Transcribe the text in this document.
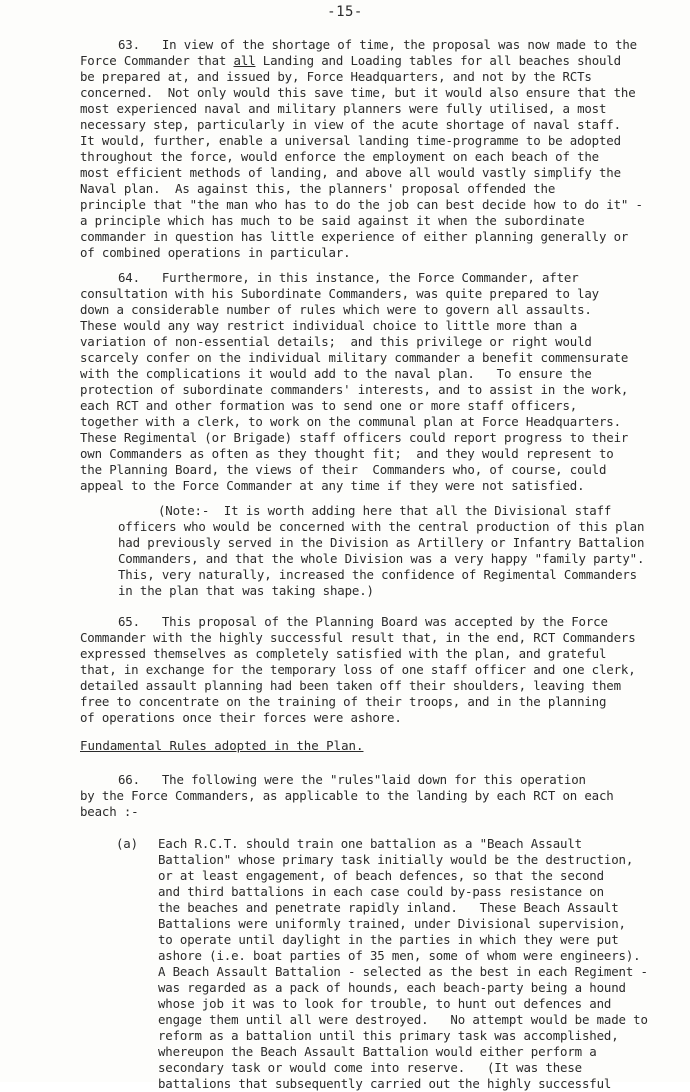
-15-
63.   In view of the shortage of time, the proposal was now made to the
Force Commander that all Landing and Loading tables for all beaches should
be prepared at, and issued by, Force Headquarters, and not by the RCTs
concerned.  Not only would this save time, but it would also ensure that the
most experienced naval and military planners were fully utilised, a most
necessary step, particularly in view of the acute shortage of naval staff.
It would, further, enable a universal landing time-programme to be adopted
throughout the force, would enforce the employment on each beach of the
most efficient methods of landing, and above all would vastly simplify the
Naval plan.  As against this, the planners' proposal offended the
principle that "the man who has to do the job can best decide how to do it" -
a principle which has much to be said against it when the subordinate
commander in question has little experience of either planning generally or
of combined operations in particular.
64.   Furthermore, in this instance, the Force Commander, after
consultation with his Subordinate Commanders, was quite prepared to lay
down a considerable number of rules which were to govern all assaults.
These would any way restrict individual choice to little more than a
variation of non-essential details;  and this privilege or right would
scarcely confer on the individual military commander a benefit commensurate
with the complications it would add to the naval plan.   To ensure the
protection of subordinate commanders' interests, and to assist in the work,
each RCT and other formation was to send one or more staff officers,
together with a clerk, to work on the communal plan at Force Headquarters.
These Regimental (or Brigade) staff officers could report progress to their
own Commanders as often as they thought fit;  and they would represent to
the Planning Board, the views of their  Commanders who, of course, could
appeal to the Force Commander at any time if they were not satisfied.
(Note:-  It is worth adding here that all the Divisional staff
officers who would be concerned with the central production of this plan
had previously served in the Division as Artillery or Infantry Battalion
Commanders, and that the whole Division was a very happy "family party".
This, very naturally, increased the confidence of Regimental Commanders
in the plan that was taking shape.)
65.   This proposal of the Planning Board was accepted by the Force
Commander with the highly successful result that, in the end, RCT Commanders
expressed themselves as completely satisfied with the plan, and grateful
that, in exchange for the temporary loss of one staff officer and one clerk,
detailed assault planning had been taken off their shoulders, leaving them
free to concentrate on the training of their troops, and in the planning
of operations once their forces were ashore.
Fundamental Rules adopted in the Plan.
66.   The following were the "rules"laid down for this operation
by the Force Commanders, as applicable to the landing by each RCT on each
beach :-
(a) Each R.C.T. should train one battalion as a "Beach Assault
Battalion" whose primary task initially would be the destruction,
or at least engagement, of beach defences, so that the second
and third battalions in each case could by-pass resistance on
the beaches and penetrate rapidly inland.   These Beach Assault
Battalions were uniformly trained, under Divisional supervision,
to operate until daylight in the parties in which they were put
ashore (i.e. boat parties of 35 men, some of whom were engineers).
A Beach Assault Battalion - selected as the best in each Regiment -
was regarded as a pack of hounds, each beach-party being a hound
whose job it was to look for trouble, to hunt out defences and
engage them until all were destroyed.   No attempt would be made to
reform as a battalion until this primary task was accomplished,
whereupon the Beach Assault Battalion would either perform a
secondary task or would come into reserve.   (It was these
battalions that subsequently carried out the highly successful
